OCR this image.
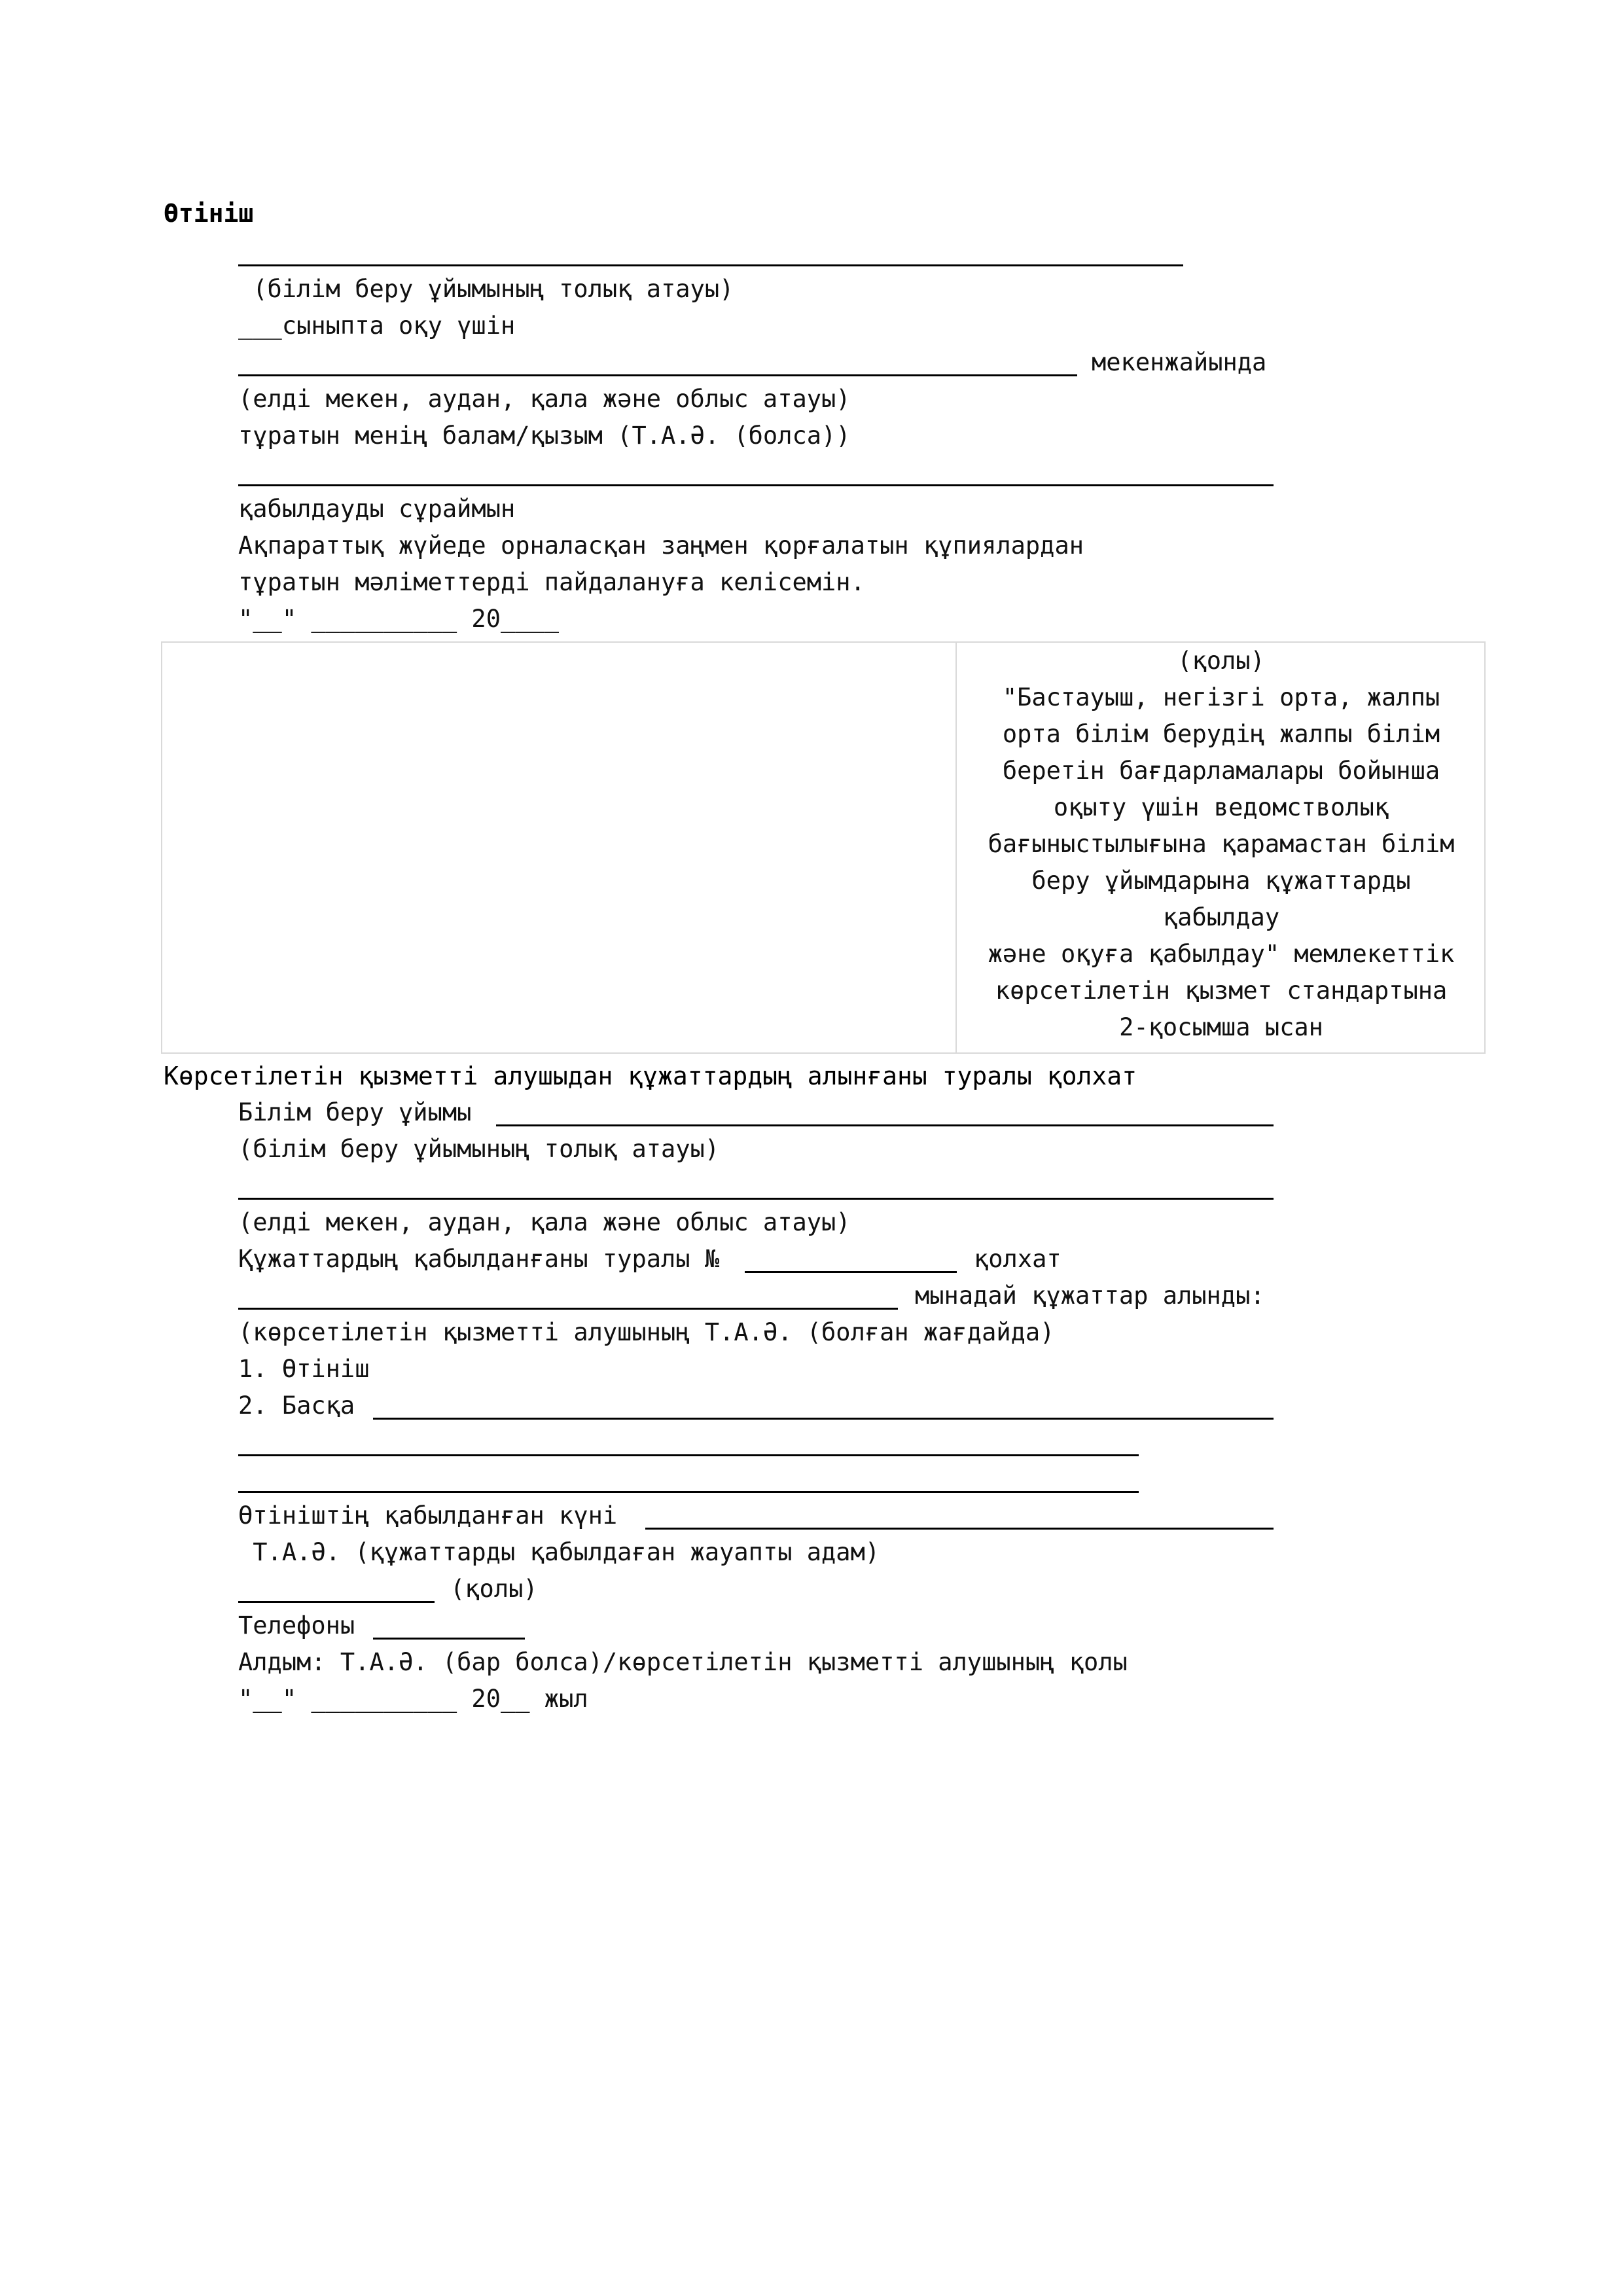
Өтініш
(білім беру ұйымының толық атауы)
___сыныпта оқу үшін
мекенжайында
(елді мекен, аудан, қала және облыс атауы)
тұратын менің балам/қызым (Т.А.Ә. (болса))
қабылдауды сұраймын
Ақпараттық жүйеде орналасқан заңмен қорғалатын құпиялардан
тұратын мәліметтерді пайдалануға келісемін.
"__" __________ 20____
(қолы)
"Бастауыш, негізгі орта, жалпы
орта білім берудің жалпы білім
беретін бағдарламалары бойынша
оқыту үшін ведомстволық
бағыныстылығына қарамастан білім
беру ұйымдарына құжаттарды
қабылдау
және оқуға қабылдау" мемлекеттік
көрсетілетін қызмет стандартына
2-қосымша ысан
Көрсетілетін қызметті алушыдан құжаттардың алынғаны туралы қолхат
Білім беру ұйымы
(білім беру ұйымының толық атауы)
(елді мекен, аудан, қала және облыс атауы)
Құжаттардың қабылданғаны туралы №	қолхат
мынадай құжаттар алынды:
(көрсетілетін қызметті алушының Т.А.Ә. (болған жағдайда)
1. Өтініш
2. Басқа
Өтініштің қабылданған күні
Т.А.Ә. (құжаттарды қабылдаған жауапты адам)
(қолы)
Телефоны
Алдым: Т.А.Ә. (бар болса)/көрсетілетін қызметті алушының қолы
"__" __________ 20__ жыл
